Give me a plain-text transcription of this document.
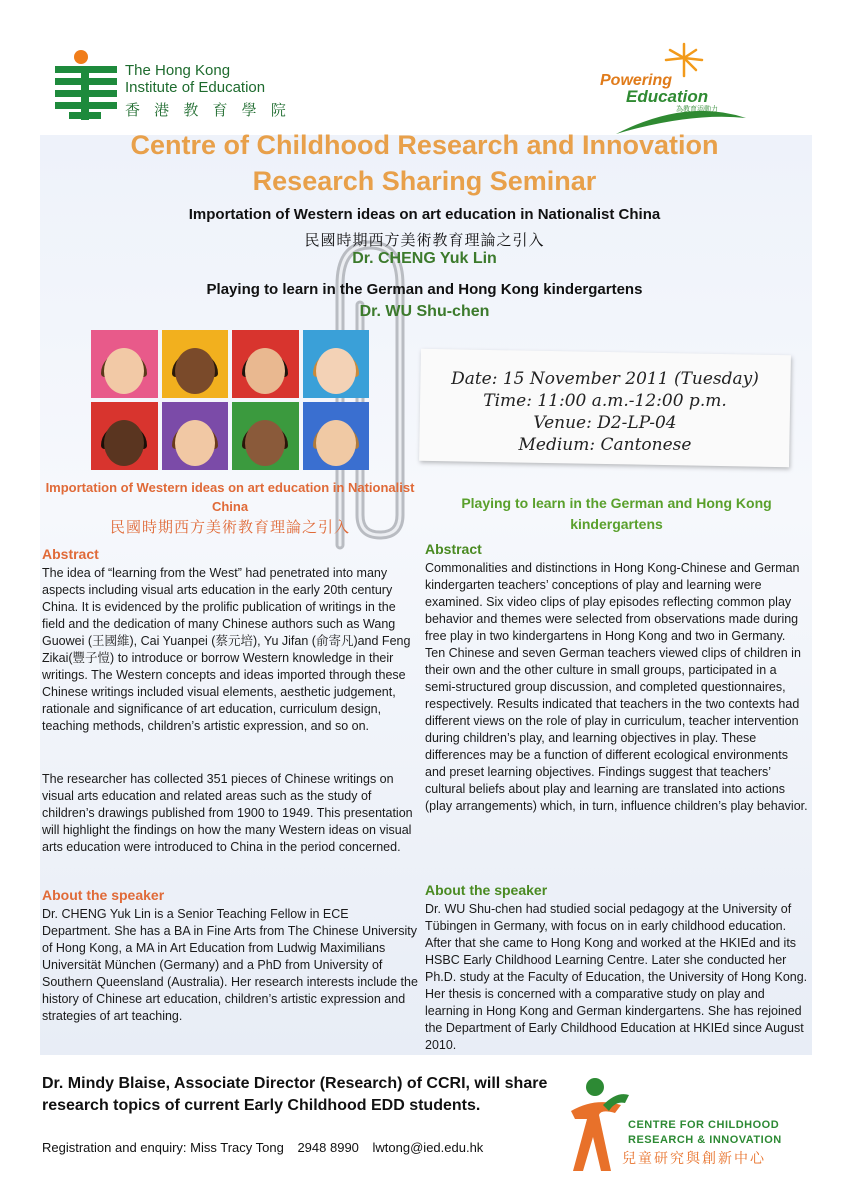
The Hong Kong
Institute of Education
香 港 教 育 學 院
Powering
Education
為教育添動力
Centre of Childhood Research and Innovation
Research Sharing Seminar
Importation of Western ideas on art education in Nationalist China
民國時期西方美術教育理論之引入
Dr. CHENG Yuk Lin
Playing to learn in the German and Hong Kong kindergartens
Dr. WU Shu-chen
Date: 15 November 2011 (Tuesday)
Time: 11:00 a.m.-12:00 p.m.
Venue: D2-LP-04
Medium: Cantonese
Importation of Western ideas on art education in Nationalist China
民國時期西方美術教育理論之引入
Abstract

The idea of “learning from the West” had penetrated into many aspects including visual arts education in the early 20th century China. It is evidenced by the prolific publication of writings in the field and the dedication of many Chinese authors such as Wang Guowei (王國維), Cai Yuanpei (蔡元培), Yu Jifan (俞寄凡)and Feng Zikai(豐子愷) to introduce or borrow Western knowledge in their writings. The Western concepts and ideas imported through these Chinese writings included visual elements, aesthetic judgement, rationale and significance of art education, curriculum design, teaching methods, children’s artistic expression, and so on.

The researcher has collected 351 pieces of Chinese writings on visual arts education and related areas such as the study of children’s drawings published from 1900 to 1949. This presentation will highlight the findings on how the many Western ideas on visual arts education were introduced to China in the period concerned.

About the speaker

Dr. CHENG Yuk Lin is a Senior Teaching Fellow in ECE Department. She has a BA in Fine Arts from The Chinese University of Hong Kong, a MA in Art Education from Ludwig Maximilians Universität München (Germany) and a PhD from University of Southern Queensland (Australia). Her research interests include the history of Chinese art education, children’s artistic expression and strategies of art teaching.

Playing to learn in the German and Hong Kong kindergartens
Abstract

Commonalities and distinctions in Hong Kong-Chinese and German kindergarten teachers’ conceptions of play and learning were examined. Six video clips of play episodes reflecting common play behavior and themes were selected from observations made during free play in two kindergartens in Hong Kong and two in Germany. Ten Chinese and seven German teachers viewed clips of children in their own and the other culture in small groups, participated in a semi-structured group discussion, and completed questionnaires, respectively. Results indicated that teachers in the two contexts had different views on the role of play in curriculum, teacher intervention during children’s play, and learning objectives in play. These differences may be a function of different ecological environments and preset learning objectives. Findings suggest that teachers’ cultural beliefs about play and learning are translated into actions (play arrangements) which, in turn, influence children’s play behavior.

About the speaker

Dr. WU Shu-chen had studied social pedagogy at the University of Tübingen in Germany, with focus on in early childhood education. After that she came to Hong Kong and worked at the HKIEd and its HSBC Early Childhood Learning Centre. Later she conducted her Ph.D. study at the Faculty of Education, the University of Hong Kong. Her thesis is concerned with a comparative study on play and learning in Hong Kong and German kindergartens. She has rejoined the Department of Early Childhood Education at HKIEd since August 2010.

Dr. Mindy Blaise, Associate Director (Research) of CCRI, will share research topics of current Early Childhood EDD students.
Registration and enquiry: Miss Tracy Tong 2948 8990 lwtong@ied.edu.hk
CENTRE FOR CHILDHOOD
RESEARCH & INNOVATION
兒童研究與創新中心
